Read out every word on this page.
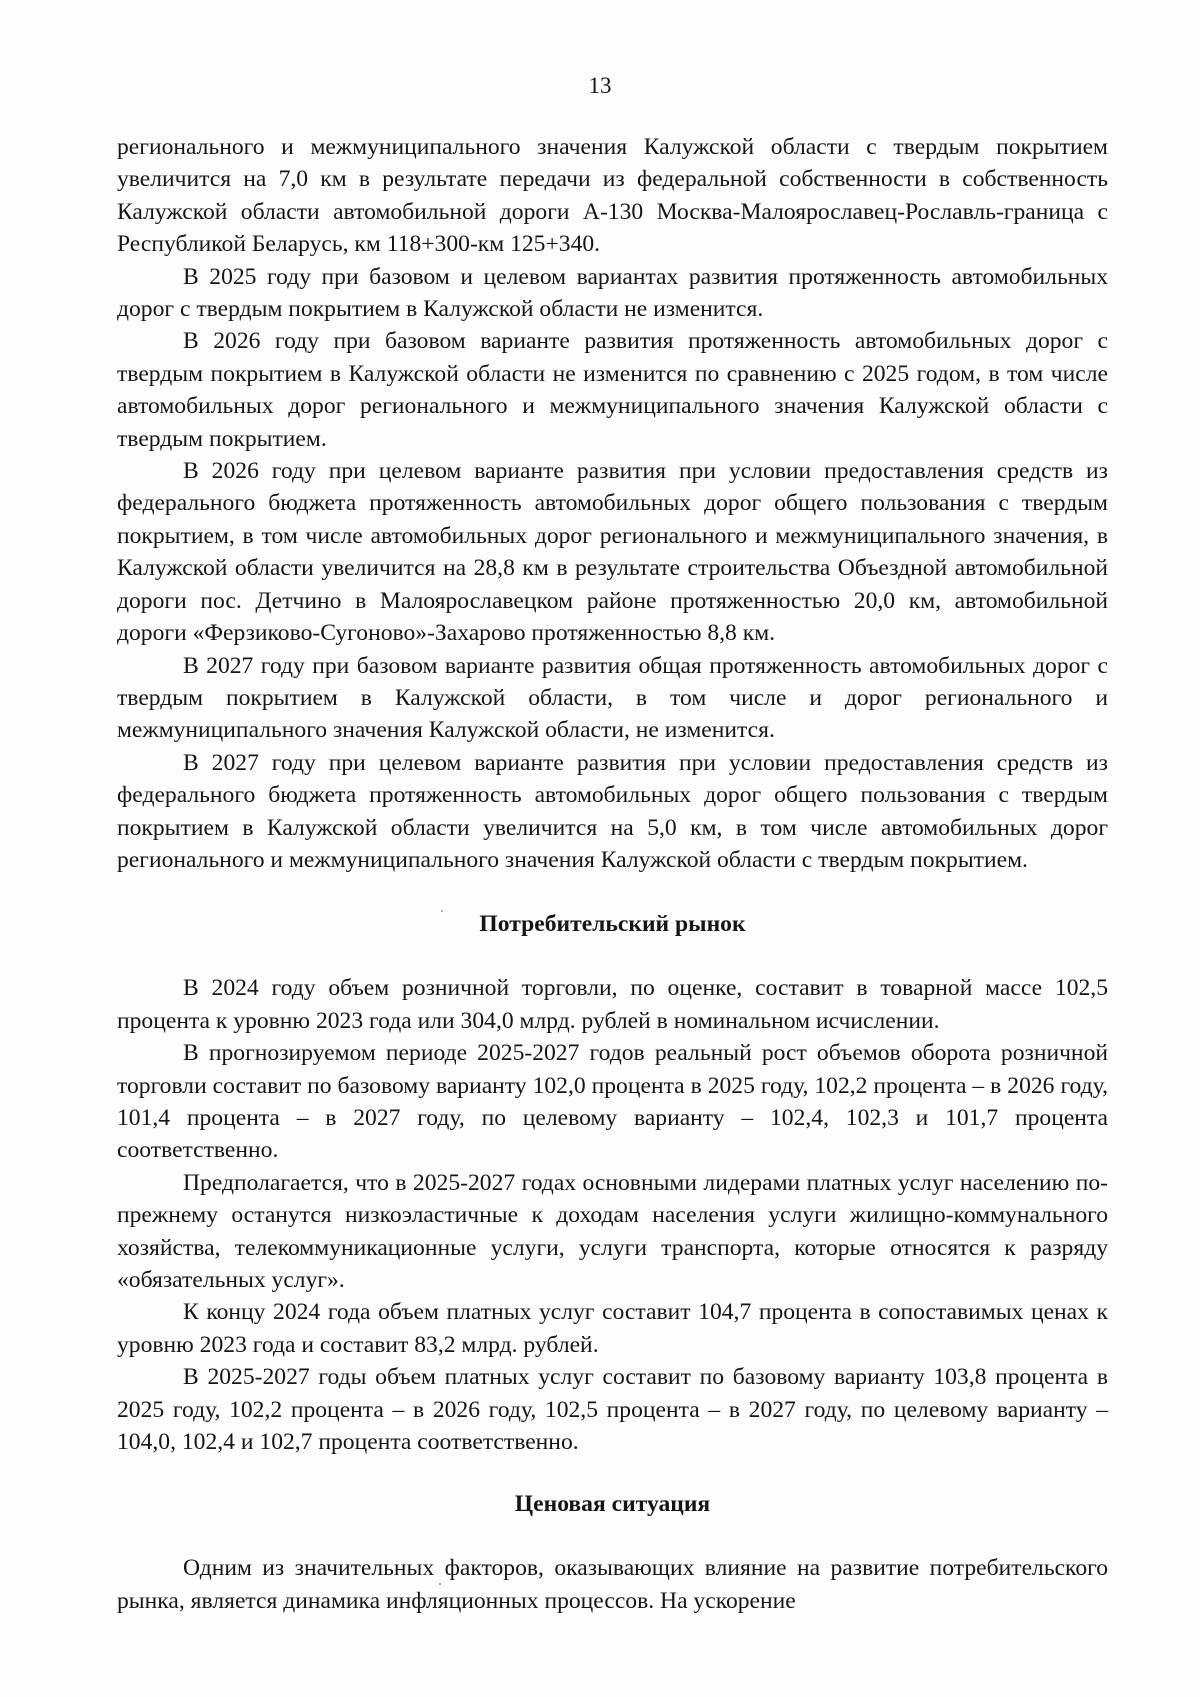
13

регионального и межмуниципального значения Калужской области с твердым покрытием увеличится на 7,0 км в результате передачи из федеральной собственности в собственность Калужской области автомобильной дороги А-130 Москва-Малоярославец-Рославль-граница с Республикой Беларусь, км 118+300-км 125+340.

В 2025 году при базовом и целевом вариантах развития протяженность автомобильных дорог с твердым покрытием в Калужской области не изменится.

В 2026 году при базовом варианте развития протяженность автомобильных дорог с твердым покрытием в Калужской области не изменится по сравнению с 2025 годом, в том числе автомобильных дорог регионального и межмуниципального значения Калужской области с твердым покрытием.

В 2026 году при целевом варианте развития при условии предоставления средств из федерального бюджета протяженность автомобильных дорог общего пользования с твердым покрытием, в том числе автомобильных дорог регионального и межмуниципального значения, в Калужской области увеличится на 28,8 км в результате строительства Объездной автомобильной дороги пос. Детчино в Малоярославецком районе протяженностью 20,0 км, автомобильной дороги «Ферзиково-Сугоново»-Захарово протяженностью 8,8 км.

В 2027 году при базовом варианте развития общая протяженность автомобильных дорог с твердым покрытием в Калужской области, в том числе и дорог регионального и межмуниципального значения Калужской области, не изменится.

В 2027 году при целевом варианте развития при условии предоставления средств из федерального бюджета протяженность автомобильных дорог общего пользования с твердым покрытием в Калужской области увеличится на 5,0 км, в том числе автомобильных дорог регионального и межмуниципального значения Калужской области с твердым покрытием.

Потребительский рынок

В 2024 году объем розничной торговли, по оценке, составит в товарной массе 102,5 процента к уровню 2023 года или 304,0 млрд. рублей в номинальном исчислении.

В прогнозируемом периоде 2025-2027 годов реальный рост объемов оборота розничной торговли составит по базовому варианту 102,0 процента в 2025 году, 102,2 процента – в 2026 году, 101,4 процента – в 2027 году, по целевому варианту – 102,4, 102,3 и 101,7 процента соответственно.

Предполагается, что в 2025-2027 годах основными лидерами платных услуг населению по-прежнему останутся низкоэластичные к доходам населения услуги жилищно-коммунального хозяйства, телекоммуникационные услуги, услуги транспорта, которые относятся к разряду «обязательных услуг».

К концу 2024 года объем платных услуг составит 104,7 процента в сопоставимых ценах к уровню 2023 года и составит 83,2 млрд. рублей.

В 2025-2027 годы объем платных услуг составит по базовому варианту 103,8 процента в 2025 году, 102,2 процента – в 2026 году, 102,5 процента – в 2027 году, по целевому варианту – 104,0, 102,4 и 102,7 процента соответственно.

Ценовая ситуация

Одним из значительных факторов, оказывающих влияние на развитие потребительского рынка, является динамика инфляционных процессов. На ускорение
